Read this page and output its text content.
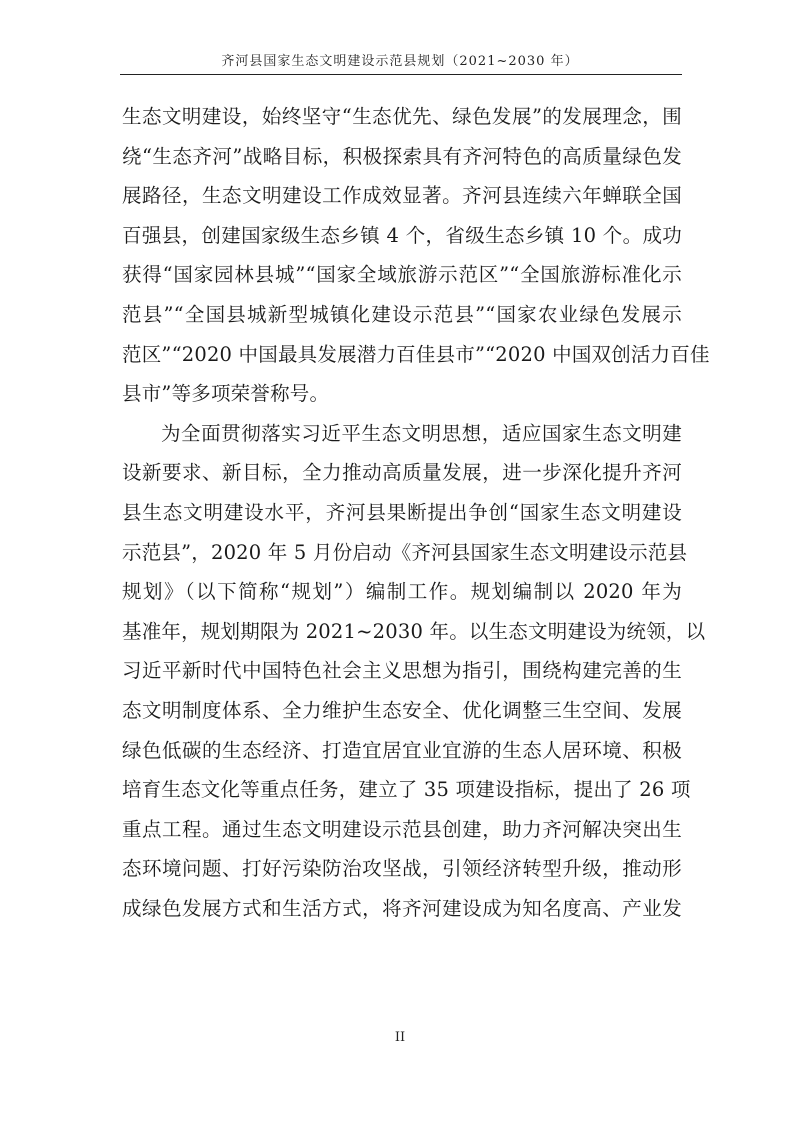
齐河县国家生态文明建设示范县规划（2021~2030 年）
生态文明建设，始终坚守“生态优先、绿色发展”的发展理念，围
绕“生态齐河”战略目标，积极探索具有齐河特色的高质量绿色发
展路径，生态文明建设工作成效显著。齐河县连续六年蝉联全国
百强县，创建国家级生态乡镇 4 个，省级生态乡镇 10 个。成功
获得“国家园林县城”“国家全域旅游示范区”“全国旅游标准化示
范县”“全国县城新型城镇化建设示范县”“国家农业绿色发展示
范区”“2020 中国最具发展潜力百佳县市”“2020 中国双创活力百佳
县市”等多项荣誉称号。
为全面贯彻落实习近平生态文明思想，适应国家生态文明建
设新要求、新目标，全力推动高质量发展，进一步深化提升齐河
县生态文明建设水平，齐河县果断提出争创“国家生态文明建设
示范县”，2020 年 5 月份启动《齐河县国家生态文明建设示范县
规划》（以下简称“规划”）编制工作。规划编制以 2020 年为
基准年，规划期限为 2021~2030 年。以生态文明建设为统领，以
习近平新时代中国特色社会主义思想为指引，围绕构建完善的生
态文明制度体系、全力维护生态安全、优化调整三生空间、发展
绿色低碳的生态经济、打造宜居宜业宜游的生态人居环境、积极
培育生态文化等重点任务，建立了 35 项建设指标，提出了 26 项
重点工程。通过生态文明建设示范县创建，助力齐河解决突出生
态环境问题、打好污染防治攻坚战，引领经济转型升级，推动形
成绿色发展方式和生活方式，将齐河建设成为知名度高、产业发
II
